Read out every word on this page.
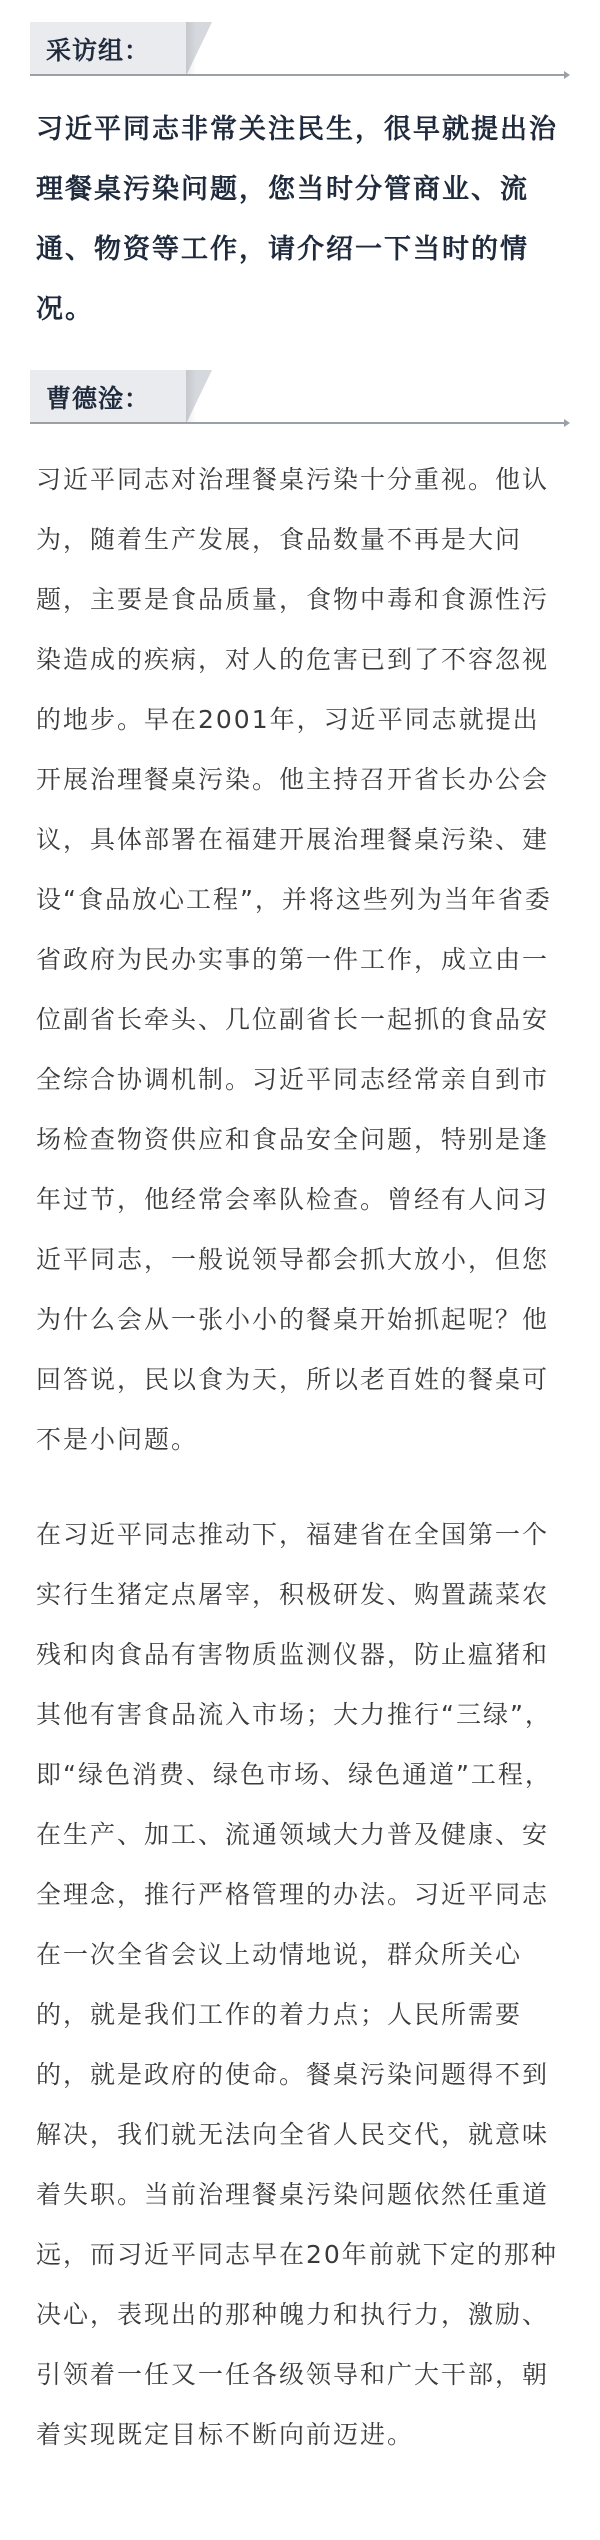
采访组：

习近平同志非常关注民生，很早就提出治理餐桌污染问题，您当时分管商业、流通、物资等工作，请介绍一下当时的情况。

曹德淦：

习近平同志对治理餐桌污染十分重视。他认为，随着生产发展，食品数量不再是大问题，主要是食品质量，食物中毒和食源性污染造成的疾病，对人的危害已到了不容忽视的地步。早在2001年，习近平同志就提出开展治理餐桌污染。他主持召开省长办公会议，具体部署在福建开展治理餐桌污染、建设“食品放心工程”，并将这些列为当年省委省政府为民办实事的第一件工作，成立由一位副省长牵头、几位副省长一起抓的食品安全综合协调机制。习近平同志经常亲自到市场检查物资供应和食品安全问题，特别是逢年过节，他经常会率队检查。曾经有人问习近平同志，一般说领导都会抓大放小，但您为什么会从一张小小的餐桌开始抓起呢？他回答说，民以食为天，所以老百姓的餐桌可不是小问题。

在习近平同志推动下，福建省在全国第一个实行生猪定点屠宰，积极研发、购置蔬菜农残和肉食品有害物质监测仪器，防止瘟猪和其他有害食品流入市场；大力推行“三绿”，即“绿色消费、绿色市场、绿色通道”工程，在生产、加工、流通领域大力普及健康、安全理念，推行严格管理的办法。习近平同志在一次全省会议上动情地说，群众所关心的，就是我们工作的着力点；人民所需要的，就是政府的使命。餐桌污染问题得不到解决，我们就无法向全省人民交代，就意味着失职。当前治理餐桌污染问题依然任重道远，而习近平同志早在20年前就下定的那种决心，表现出的那种魄力和执行力，激励、引领着一任又一任各级领导和广大干部，朝着实现既定目标不断向前迈进。
